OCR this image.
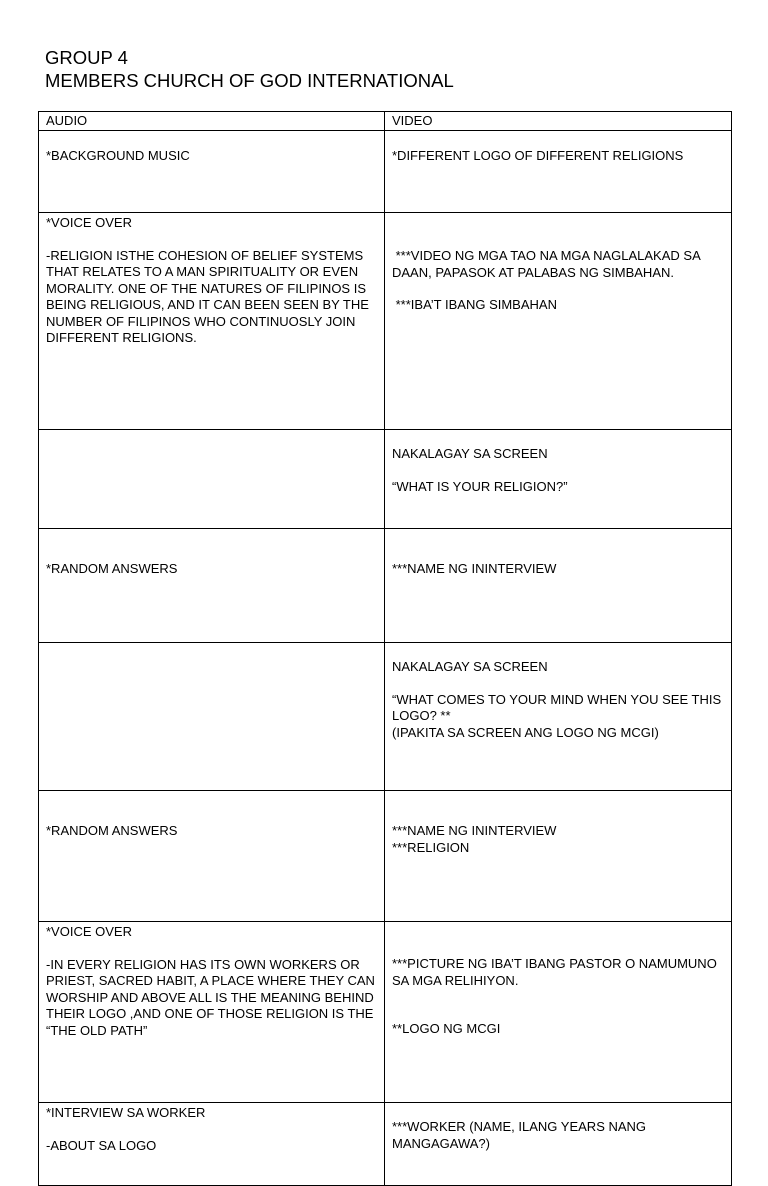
GROUP 4
MEMBERS CHURCH OF GOD INTERNATIONAL
AUDIO	VIDEO

*BACKGROUND MUSIC	*DIFFERENT LOGO OF DIFFERENT RELIGIONS

*VOICE OVER
-RELIGION ISTHE COHESION OF BELIEF SYSTEMS THAT RELATES TO A MAN SPIRITUALITY OR EVEN MORALITY. ONE OF THE NATURES OF FILIPINOS IS BEING RELIGIOUS, AND IT CAN BEEN SEEN BY THE NUMBER OF FILIPINOS WHO CONTINUOSLY JOIN DIFFERENT RELIGIONS.	***VIDEO NG MGA TAO NA MGA NAGLALAKAD SA DAAN, PAPASOK AT PALABAS NG SIMBAHAN.
***IBA’T IBANG SIMBAHAN

	NAKALAGAY SA SCREEN
“WHAT IS YOUR RELIGION?”

*RANDOM ANSWERS	***NAME NG ININTERVIEW

	NAKALAGAY SA SCREEN
“WHAT COMES TO YOUR MIND WHEN YOU SEE THIS LOGO? **
(IPAKITA SA SCREEN ANG LOGO NG MCGI)

*RANDOM ANSWERS	***NAME NG ININTERVIEW
***RELIGION

*VOICE OVER
-IN EVERY RELIGION HAS ITS OWN WORKERS OR PRIEST, SACRED HABIT, A PLACE WHERE THEY CAN WORSHIP AND ABOVE ALL IS THE MEANING BEHIND THEIR LOGO ,AND ONE OF THOSE RELIGION IS THE “THE OLD PATH”	***PICTURE NG IBA’T IBANG PASTOR O NAMUMUNO SA MGA RELIHIYON.
**LOGO NG MCGI

*INTERVIEW SA WORKER
-ABOUT SA LOGO	***WORKER (NAME, ILANG YEARS NANG MANGAGAWA?)
